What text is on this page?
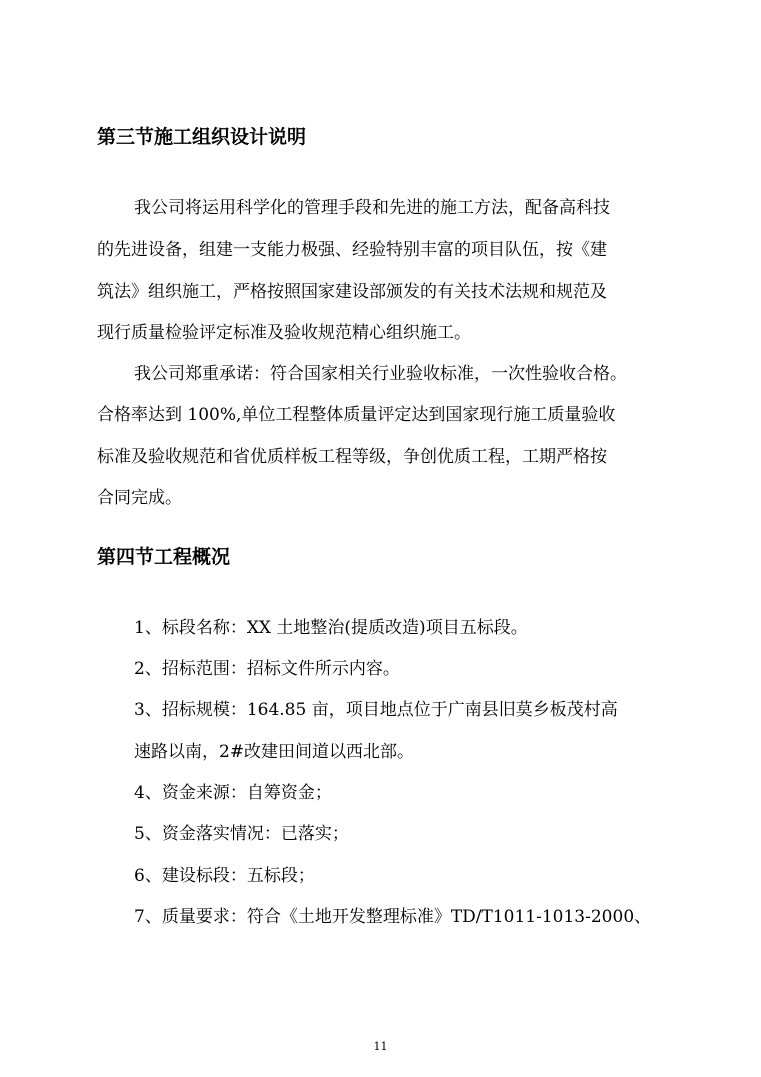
第三节施工组织设计说明
我公司将运用科学化的管理手段和先进的施工方法，配备高科技
的先进设备，组建一支能力极强、经验特别丰富的项目队伍，按《建
筑法》组织施工，严格按照国家建设部颁发的有关技术法规和规范及
现行质量检验评定标准及验收规范精心组织施工。
我公司郑重承诺：符合国家相关行业验收标准，一次性验收合格。
合格率达到 100%,单位工程整体质量评定达到国家现行施工质量验收
标准及验收规范和省优质样板工程等级，争创优质工程，工期严格按
合同完成。
第四节工程概况
1、标段名称：XX 土地整治(提质改造)项目五标段。
2、招标范围：招标文件所示内容。
3、招标规模：164.85 亩，项目地点位于广南县旧莫乡板茂村高
速路以南，2#改建田间道以西北部。
4、资金来源：自筹资金；
5、资金落实情况：已落实；
6、建设标段：五标段；
7、质量要求：符合《土地开发整理标准》TD/T1011-1013-2000、
11
